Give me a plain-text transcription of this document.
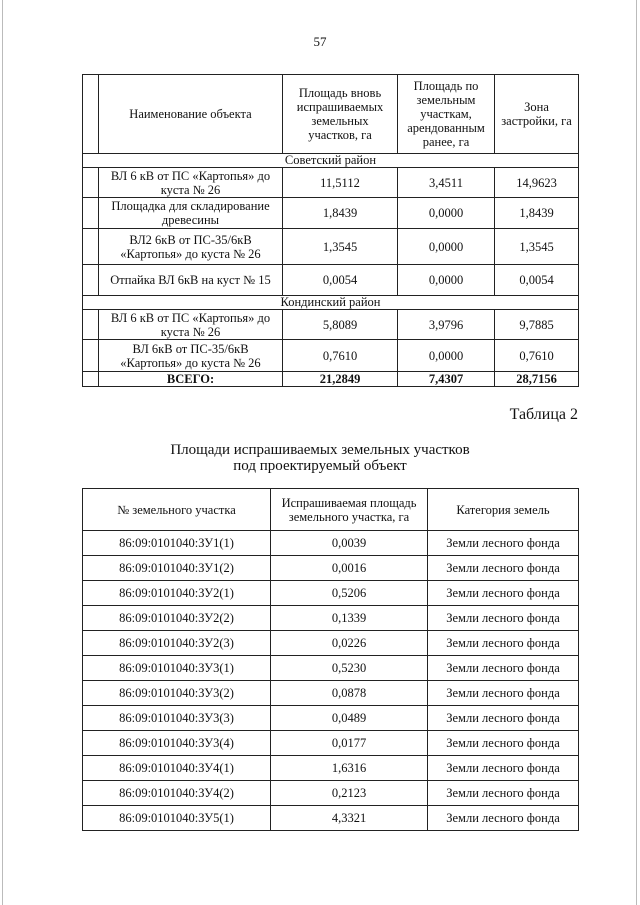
57
	Наименование объекта	Площадь вновь испрашиваемых земельных участков, га	Площадь по земельным участкам, арендованным ранее, га	Зона застройки, га
Советский район				
	ВЛ 6 кВ от ПС «Картопья» до куста № 26	11,5112	3,4511	14,9623
	Площадка для складирование древесины	1,8439	0,0000	1,8439
	ВЛ2 6кВ от ПС-35/6кВ «Картопья» до куста № 26	1,3545	0,0000	1,3545
	Отпайка ВЛ 6кВ на куст № 15	0,0054	0,0000	0,0054
Кондинский район				
	ВЛ 6 кВ от ПС «Картопья» до куста № 26	5,8089	3,9796	9,7885
	ВЛ 6кВ от ПС-35/6кВ «Картопья» до куста № 26	0,7610	0,0000	0,7610
	ВСЕГО:	21,2849	7,4307	28,7156
Таблица 2
Площади испрашиваемых земельных участков
под проектируемый объект
№ земельного участка	Испрашиваемая площадь земельного участка, га	Категория земель
86:09:0101040:ЗУ1(1)	0,0039	Земли лесного фонда
86:09:0101040:ЗУ1(2)	0,0016	Земли лесного фонда
86:09:0101040:ЗУ2(1)	0,5206	Земли лесного фонда
86:09:0101040:ЗУ2(2)	0,1339	Земли лесного фонда
86:09:0101040:ЗУ2(3)	0,0226	Земли лесного фонда
86:09:0101040:ЗУ3(1)	0,5230	Земли лесного фонда
86:09:0101040:ЗУ3(2)	0,0878	Земли лесного фонда
86:09:0101040:ЗУ3(3)	0,0489	Земли лесного фонда
86:09:0101040:ЗУ3(4)	0,0177	Земли лесного фонда
86:09:0101040:ЗУ4(1)	1,6316	Земли лесного фонда
86:09:0101040:ЗУ4(2)	0,2123	Земли лесного фонда
86:09:0101040:ЗУ5(1)	4,3321	Земли лесного фонда
